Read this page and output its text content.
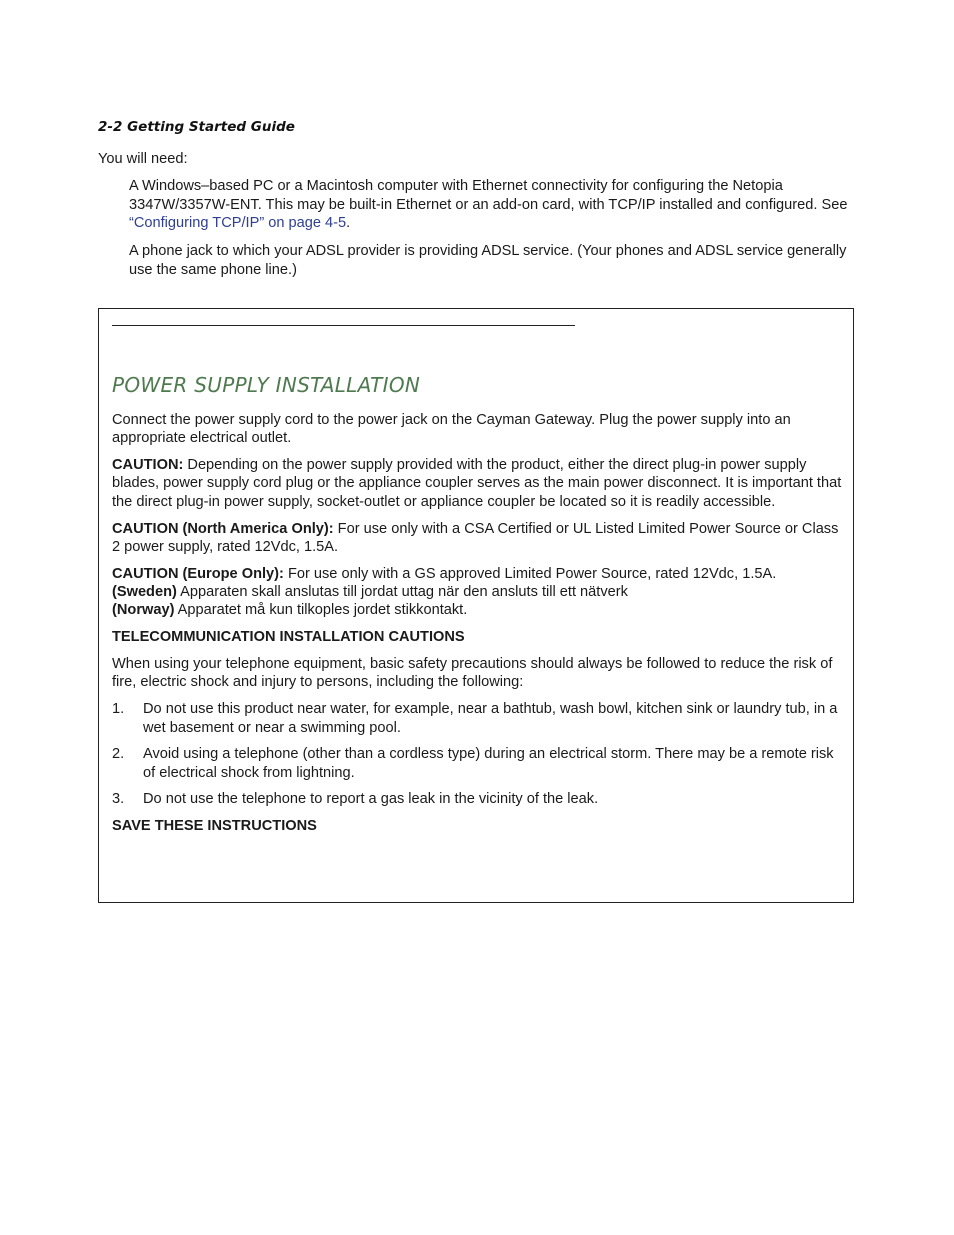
2-2 Getting Started Guide
You will need:
A Windows–based PC or a Macintosh computer with Ethernet connectivity for configuring the Netopia 3347W/3357W-ENT. This may be built-in Ethernet or an add-on card, with TCP/IP installed and configured. See “Configuring TCP/IP” on page 4-5.
A phone jack to which your ADSL provider is providing ADSL service. (Your phones and ADSL service generally use the same phone line.)
POWER SUPPLY INSTALLATION

Connect the power supply cord to the power jack on the Cayman Gateway. Plug the power supply into an appropriate electrical outlet.

CAUTION: Depending on the power supply provided with the product, either the direct plug-in power supply blades, power supply cord plug or the appliance coupler serves as the main power disconnect. It is important that the direct plug-in power supply, socket-outlet or appliance coupler be located so it is readily accessible.

CAUTION (North America Only): For use only with a CSA Certified or UL Listed Limited Power Source or Class 2 power supply, rated 12Vdc, 1.5A.

CAUTION (Europe Only): For use only with a GS approved Limited Power Source, rated 12Vdc, 1.5A.
(Sweden) Apparaten skall anslutas till jordat uttag när den ansluts till ett nätverk
(Norway) Apparatet må kun tilkoples jordet stikkontakt.

TELECOMMUNICATION INSTALLATION CAUTIONS

When using your telephone equipment, basic safety precautions should always be followed to reduce the risk of fire, electric shock and injury to persons, including the following:

1. Do not use this product near water, for example, near a bathtub, wash bowl, kitchen sink or laundry tub, in a wet basement or near a swimming pool.
2. Avoid using a telephone (other than a cordless type) during an electrical storm. There may be a remote risk of electrical shock from lightning.
3. Do not use the telephone to report a gas leak in the vicinity of the leak.

SAVE THESE INSTRUCTIONS
